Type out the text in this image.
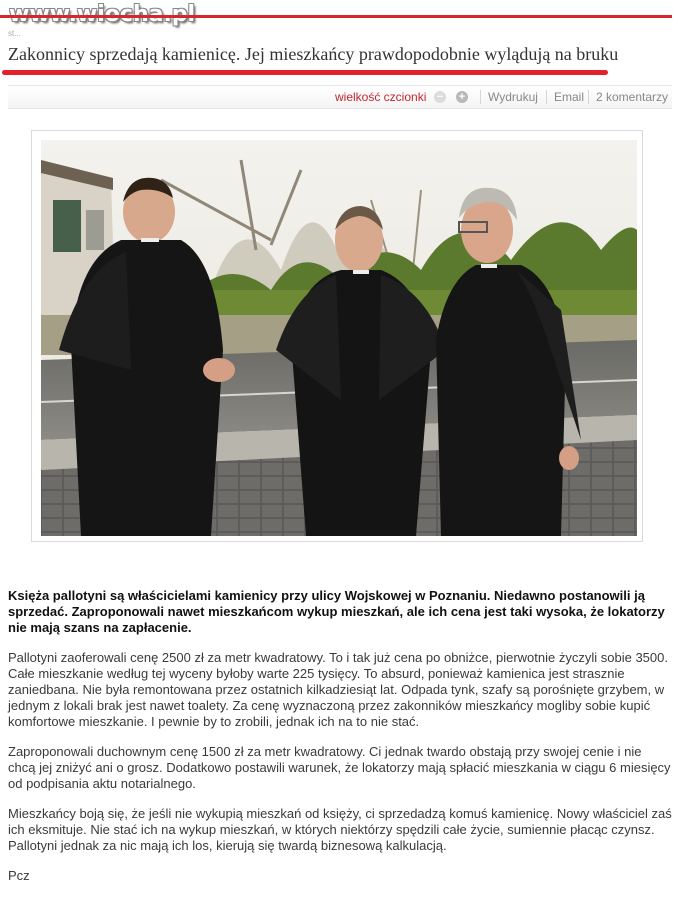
st...
Zakonnicy sprzedają kamienicę. Jej mieszkańcy prawdopodobnie wylądują na bruku
wielkość czcionki − + Wydrukuj Email 2 komentarzy

Księża pallotyni są właścicielami kamienicy przy ulicy Wojskowej w Poznaniu. Niedawno postanowili ją sprzedać. Zaproponowali nawet mieszkańcom wykup mieszkań, ale ich cena jest taki wysoka, że lokatorzy nie mają szans na zapłacenie.

Pallotyni zaoferowali cenę 2500 zł za metr kwadratowy. To i tak już cena po obniżce, pierwotnie życzyli sobie 3500. Całe mieszkanie według tej wyceny byłoby warte 225 tysięcy. To absurd, ponieważ kamienica jest strasznie zaniedbana. Nie była remontowana przez ostatnich kilkadziesiąt lat. Odpada tynk, szafy są porośnięte grzybem, w jednym z lokali brak jest nawet toalety. Za cenę wyznaczoną przez zakonników mieszkańcy mogliby sobie kupić komfortowe mieszkanie. I pewnie by to zrobili, jednak ich na to nie stać.

Zaproponowali duchownym cenę 1500 zł za metr kwadratowy. Ci jednak twardo obstają przy swojej cenie i nie chcą jej zniżyć ani o grosz. Dodatkowo postawili warunek, że lokatorzy mają spłacić mieszkania w ciągu 6 miesięcy od podpisania aktu notarialnego.

Mieszkańcy boją się, że jeśli nie wykupią mieszkań od księży, ci sprzedadzą komuś kamienicę. Nowy właściciel zaś ich eksmituje. Nie stać ich na wykup mieszkań, w których niektórzy spędzili całe życie, sumiennie płacąc czynsz. Pallotyni jednak za nic mają ich los, kierują się twardą biznesową kalkulacją.

Pcz
